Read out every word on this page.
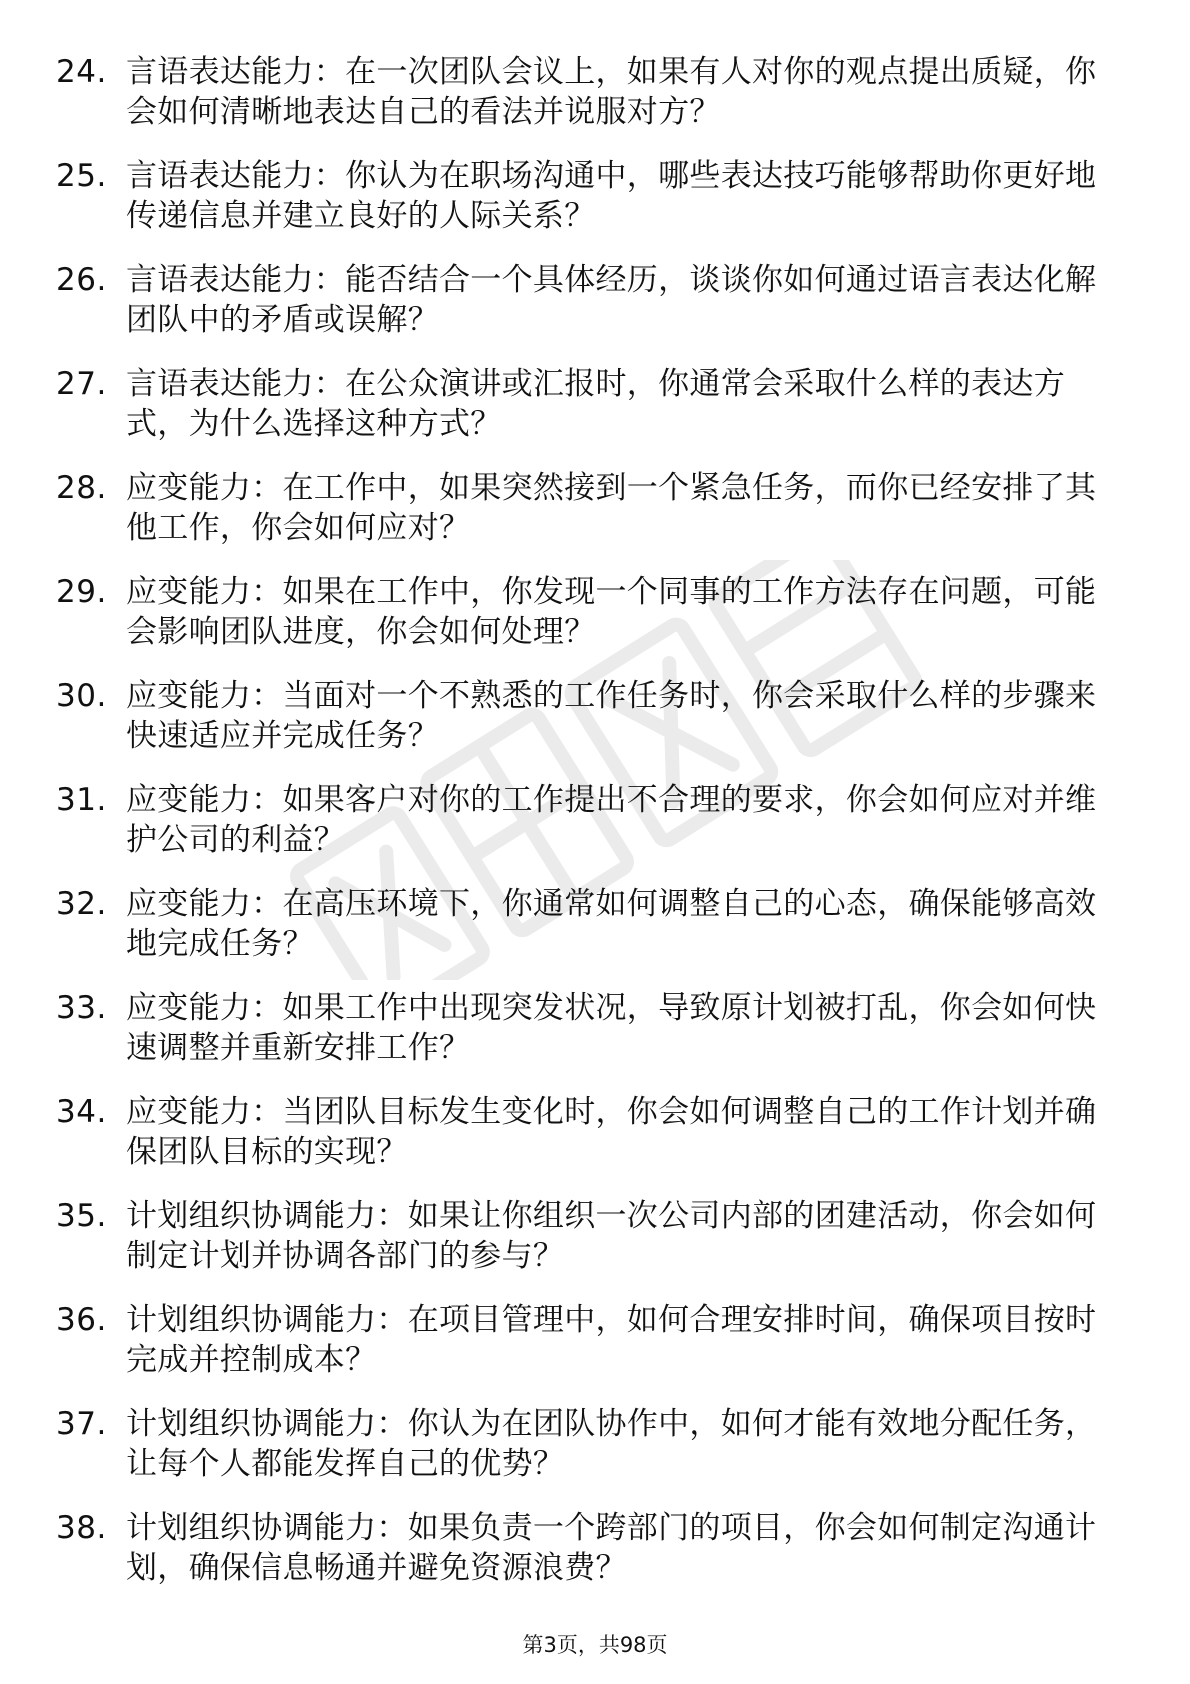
24. 言语表达能力：在一次团队会议上，如果有人对你的观点提出质疑，你会如何清晰地表达自己的看法并说服对方？
25. 言语表达能力：你认为在职场沟通中，哪些表达技巧能够帮助你更好地传递信息并建立良好的人际关系？
26. 言语表达能力：能否结合一个具体经历，谈谈你如何通过语言表达化解团队中的矛盾或误解？
27. 言语表达能力：在公众演讲或汇报时，你通常会采取什么样的表达方式，为什么选择这种方式？
28. 应变能力：在工作中，如果突然接到一个紧急任务，而你已经安排了其他工作，你会如何应对？
29. 应变能力：如果在工作中，你发现一个同事的工作方法存在问题，可能会影响团队进度，你会如何处理？
30. 应变能力：当面对一个不熟悉的工作任务时，你会采取什么样的步骤来快速适应并完成任务？
31. 应变能力：如果客户对你的工作提出不合理的要求，你会如何应对并维护公司的利益？
32. 应变能力：在高压环境下，你通常如何调整自己的心态，确保能够高效地完成任务？
33. 应变能力：如果工作中出现突发状况，导致原计划被打乱，你会如何快速调整并重新安排工作？
34. 应变能力：当团队目标发生变化时，你会如何调整自己的工作计划并确保团队目标的实现？
35. 计划组织协调能力：如果让你组织一次公司内部的团建活动，你会如何制定计划并协调各部门的参与？
36. 计划组织协调能力：在项目管理中，如何合理安排时间，确保项目按时完成并控制成本？
37. 计划组织协调能力：你认为在团队协作中，如何才能有效地分配任务，让每个人都能发挥自己的优势？
38. 计划组织协调能力：如果负责一个跨部门的项目，你会如何制定沟通计划，确保信息畅通并避免资源浪费？
第3页，共98页
